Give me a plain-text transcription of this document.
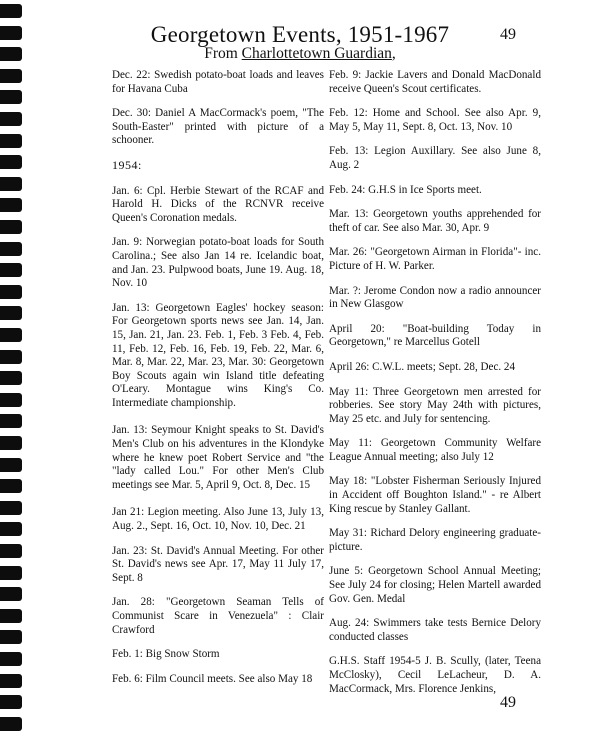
Georgetown Events, 1951-1967
From Charlottetown Guardian,
49

Dec. 22: Swedish potato-boat loads and leaves for Havana Cuba

Dec. 30: Daniel A MacCormack's poem, "The South-Easter" printed with picture of a schooner.

1954:

Jan. 6: Cpl. Herbie Stewart of the RCAF and Harold H. Dicks of the RCNVR receive Queen's Coronation medals.

Jan. 9: Norwegian potato-boat loads for South Carolina.; See also Jan 14 re. Icelandic boat, and Jan. 23. Pulpwood boats, June 19. Aug. 18, Nov. 10

Jan. 13: Georgetown Eagles' hockey season: For Georgetown sports news see Jan. 14, Jan. 15, Jan. 21, Jan. 23. Feb. 1, Feb. 3 Feb. 4, Feb. 11, Feb. 12, Feb. 16, Feb. 19, Feb. 22, Mar. 6, Mar. 8, Mar. 22, Mar. 23, Mar. 30: Georgetown Boy Scouts again win Island title defeating O'Leary. Montague wins King's Co. Intermediate championship.

Jan. 13: Seymour Knight speaks to St. David's Men's Club on his adventures in the Klondyke where he knew poet Robert Service and "the "lady called Lou." For other Men's Club meetings see Mar. 5, April 9, Oct. 8, Dec. 15

Jan 21: Legion meeting. Also June 13, July 13, Aug. 2., Sept. 16, Oct. 10, Nov. 10, Dec. 21

Jan. 23: St. David's Annual Meeting. For other St. David's news see Apr. 17, May 11 July 17, Sept. 8

Jan. 28: "Georgetown Seaman Tells of Communist Scare in Venezuela" : Clair Crawford

Feb. 1: Big Snow Storm

Feb. 6: Film Council meets. See also May 18

Feb. 9: Jackie Lavers and Donald MacDonald receive Queen's Scout certificates.

Feb. 12: Home and School. See also Apr. 9, May 5, May 11, Sept. 8, Oct. 13, Nov. 10

Feb. 13: Legion Auxillary. See also June 8, Aug. 2

Feb. 24: G.H.S in Ice Sports meet.

Mar. 13: Georgetown youths apprehended for theft of car. See also Mar. 30, Apr. 9

Mar. 26: "Georgetown Airman in Florida"- inc. Picture of H. W. Parker.

Mar. ?: Jerome Condon now a radio announcer in New Glasgow

April 20: "Boat-building Today in Georgetown," re Marcellus Gotell

April 26: C.W.L. meets; Sept. 28, Dec. 24

May 11: Three Georgetown men arrested for robberies. See story May 24th with pictures, May 25 etc. and July for sentencing.

May 11: Georgetown Community Welfare League Annual meeting; also July 12

May 18: "Lobster Fisherman Seriously Injured in Accident off Boughton Island." - re Albert King rescue by Stanley Gallant.

May 31: Richard Delory engineering graduate- picture.

June 5: Georgetown School Annual Meeting; See July 24 for closing; Helen Martell awarded Gov. Gen. Medal

Aug. 24: Swimmers take tests Bernice Delory conducted classes

G.H.S. Staff 1954-5 J. B. Scully, (later, Teena McClosky), Cecil LeLacheur, D. A. MacCormack, Mrs. Florence Jenkins,

49
